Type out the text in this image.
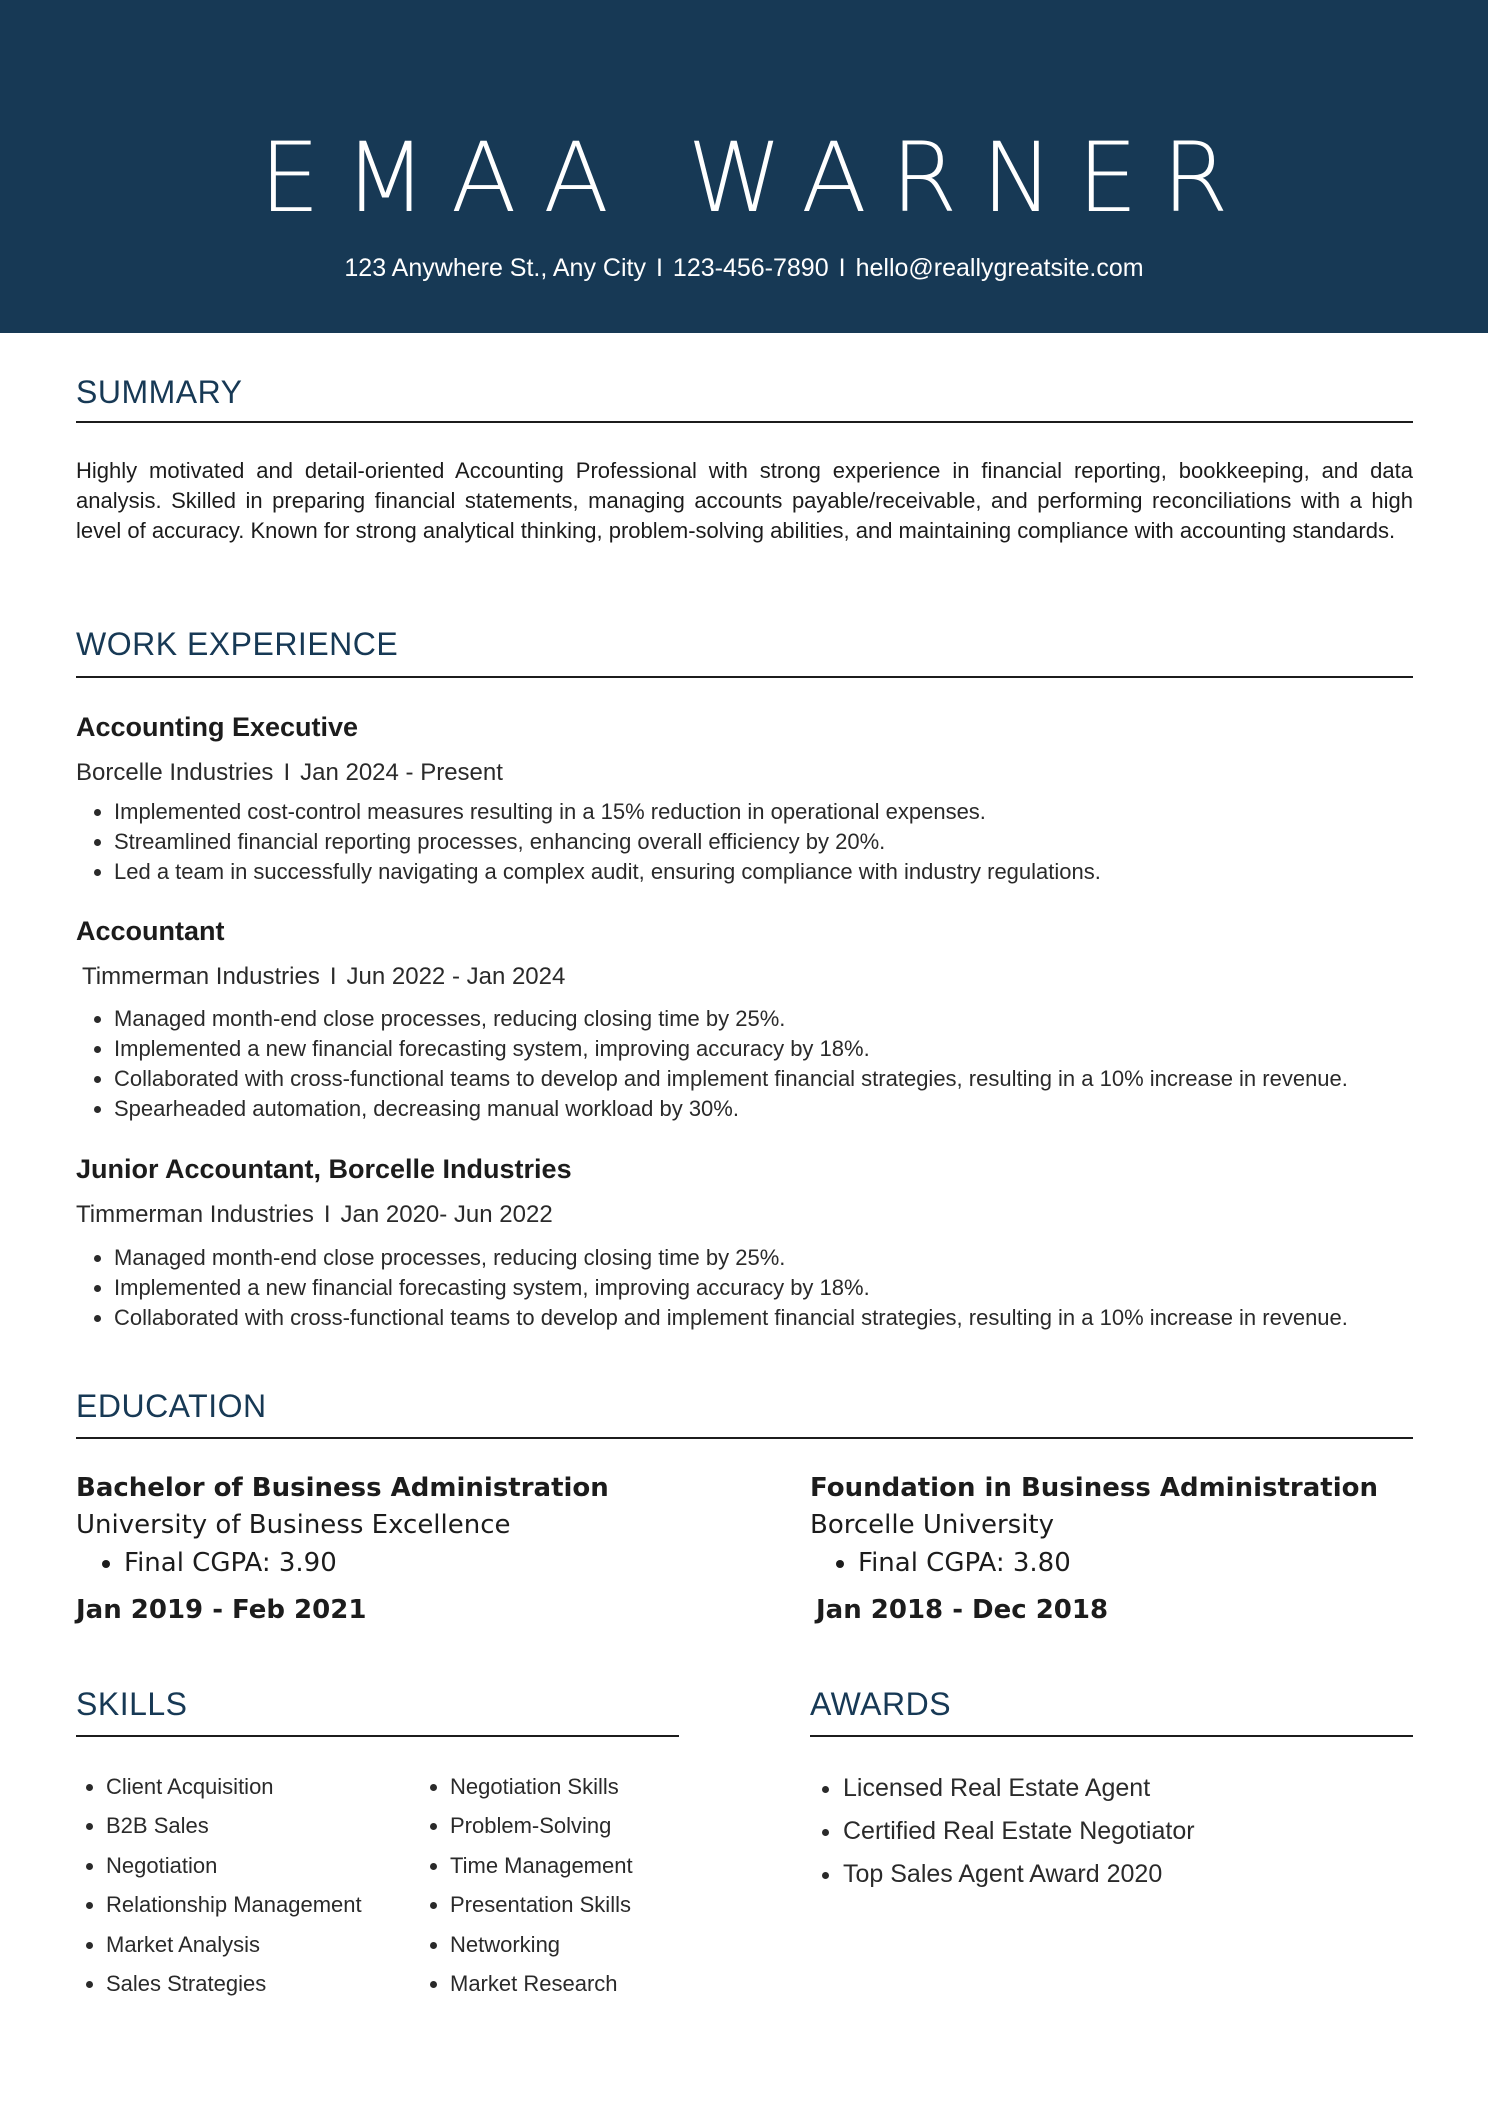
EMAA WARNER
123 Anywhere St., Any City I 123-456-7890 I hello@reallygreatsite.com
SUMMARY

Highly motivated and detail-oriented Accounting Professional with strong experience in financial reporting, bookkeeping, and data analysis. Skilled in preparing financial statements, managing accounts payable/receivable, and performing reconciliations with a high level of accuracy. Known for strong analytical thinking, problem-solving abilities, and maintaining compliance with accounting standards.

WORK EXPERIENCE
Accounting Executive
Borcelle Industries I Jan 2024 - Present
• Implemented cost-control measures resulting in a 15% reduction in operational expenses.
• Streamlined financial reporting processes, enhancing overall efficiency by 20%.
• Led a team in successfully navigating a complex audit, ensuring compliance with industry regulations.
Accountant
Timmerman Industries I Jun 2022 - Jan 2024
• Managed month-end close processes, reducing closing time by 25%.
• Implemented a new financial forecasting system, improving accuracy by 18%.
• Collaborated with cross-functional teams to develop and implement financial strategies, resulting in a 10% increase in revenue.
• Spearheaded automation, decreasing manual workload by 30%.
Junior Accountant, Borcelle Industries
Timmerman Industries I Jan 2020- Jun 2022
• Managed month-end close processes, reducing closing time by 25%.
• Implemented a new financial forecasting system, improving accuracy by 18%.
• Collaborated with cross-functional teams to develop and implement financial strategies, resulting in a 10% increase in revenue.
EDUCATION
Bachelor of Business Administration
University of Business Excellence
• Final CGPA: 3.90
Jan 2019 - Feb 2021
Foundation in Business Administration
Borcelle University
• Final CGPA: 3.80
Jan 2018 - Dec 2018
SKILLS
• Client Acquisition
• B2B Sales
• Negotiation
• Relationship Management
• Market Analysis
• Sales Strategies
• Negotiation Skills
• Problem-Solving
• Time Management
• Presentation Skills
• Networking
• Market Research
AWARDS
• Licensed Real Estate Agent
• Certified Real Estate Negotiator
• Top Sales Agent Award 2020
